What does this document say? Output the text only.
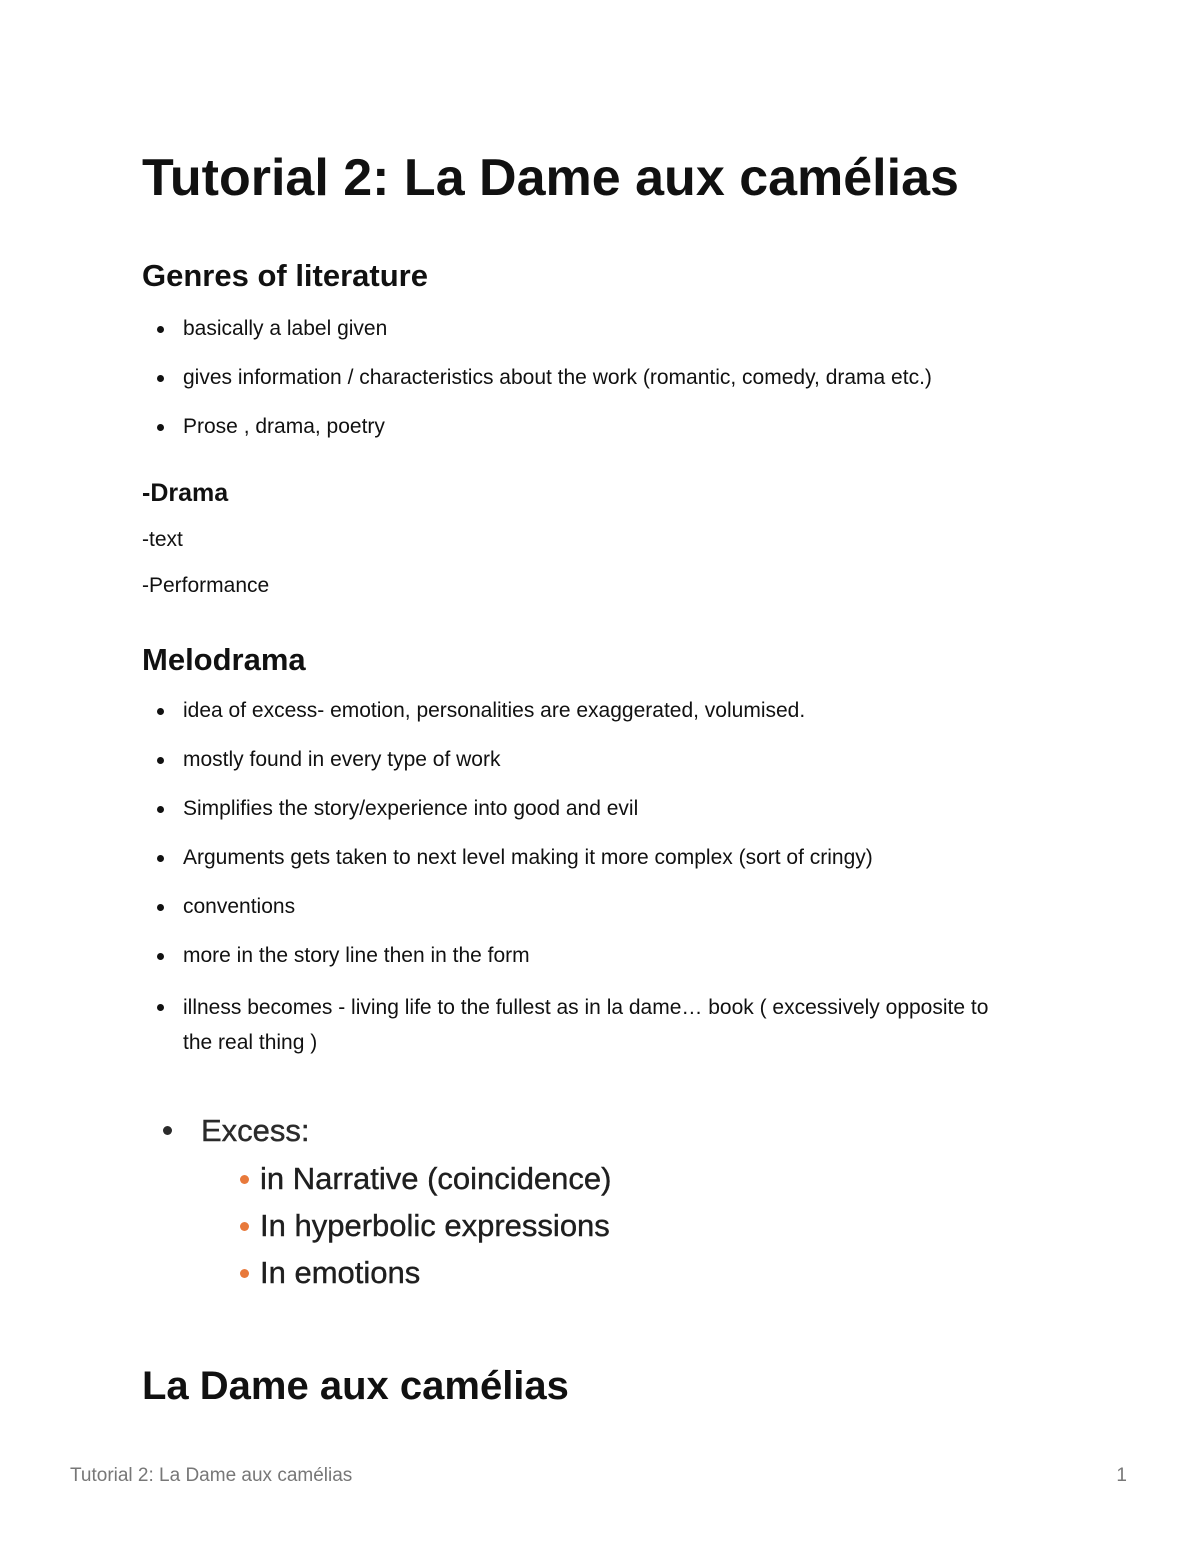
Tutorial 2: La Dame aux camélias
Genres of literature
basically a label given
gives information / characteristics about the work (romantic, comedy, drama etc.)
Prose , drama, poetry
-Drama

-text

-Performance

Melodrama
idea of excess- emotion, personalities are exaggerated, volumised.
mostly found in every type of work
Simplifies the story/experience into good and evil
Arguments gets taken to next level making it more complex (sort of cringy)
conventions
more in the story line then in the form
illness becomes - living life to the fullest as in la dame… book ( excessively opposite to the real thing )
Excess:
in Narrative (coincidence)
In hyperbolic expressions
In emotions
La Dame aux camélias
Tutorial 2: La Dame aux camélias	1
